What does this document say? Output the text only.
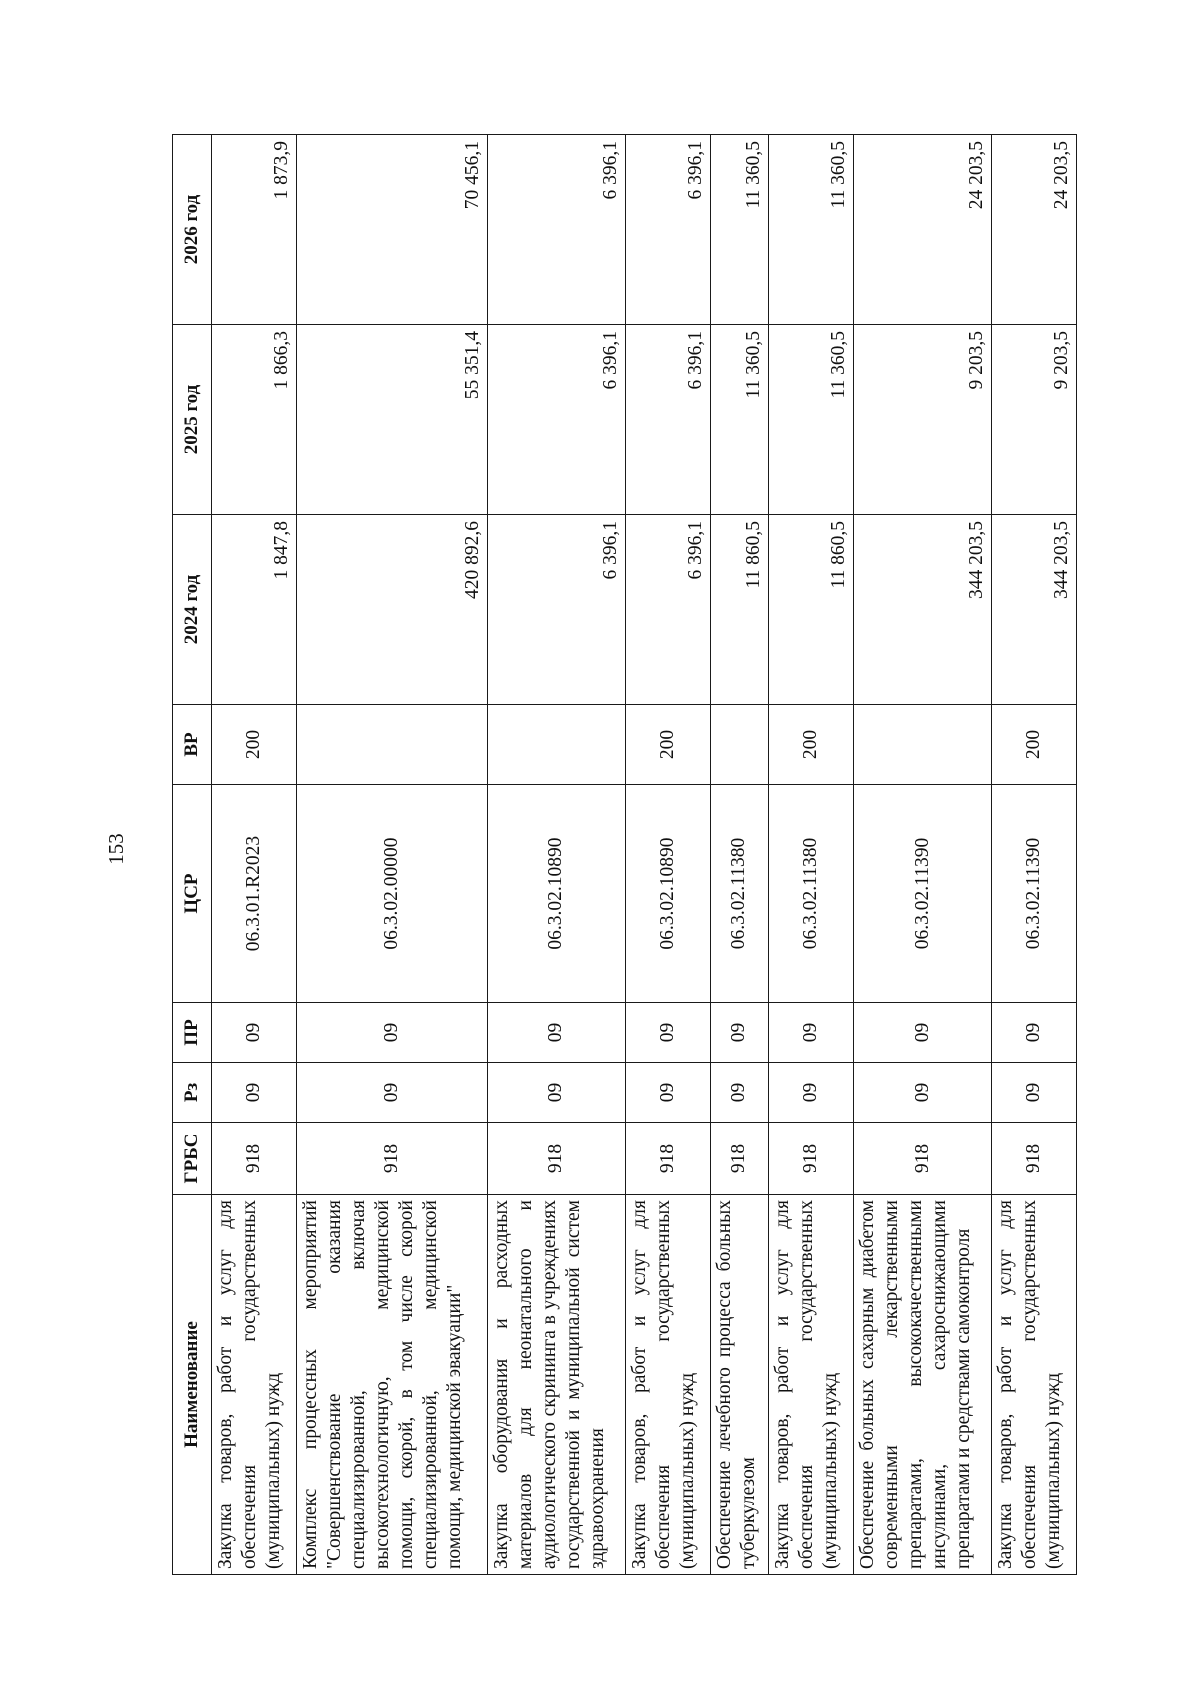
153
Наименование	ГРБС	Рз	ПР	ЦСР	ВР	2024 год	2025 год	2026 год
Закупка товаров, работ и услуг для обеспечения государственных (муниципальных) нужд	918	09	09	06.3.01.R2023	200	1 847,8	1 866,3	1 873,9
Комплекс процессных мероприятий "Совершенствование оказания специализированной, включая высокотехнологичную, медицинской помощи, скорой, в том числе скорой специализированной, медицинской помощи, медицинской эвакуации"	918	09	09	06.3.02.00000		420 892,6	55 351,4	70 456,1
Закупка оборудования и расходных материалов для неонатального и аудиологического скрининга в учреждениях государственной и муниципальной систем здравоохранения	918	09	09	06.3.02.10890		6 396,1	6 396,1	6 396,1
Закупка товаров, работ и услуг для обеспечения государственных (муниципальных) нужд	918	09	09	06.3.02.10890	200	6 396,1	6 396,1	6 396,1
Обеспечение лечебного процесса больных туберкулезом	918	09	09	06.3.02.11380		11 860,5	11 360,5	11 360,5
Закупка товаров, работ и услуг для обеспечения государственных (муниципальных) нужд	918	09	09	06.3.02.11380	200	11 860,5	11 360,5	11 360,5
Обеспечение больных сахарным диабетом современными лекарственными препаратами, высококачественными инсулинами, сахароснижающими препаратами и средствами самоконтроля	918	09	09	06.3.02.11390		344 203,5	9 203,5	24 203,5
Закупка товаров, работ и услуг для обеспечения государственных (муниципальных) нужд	918	09	09	06.3.02.11390	200	344 203,5	9 203,5	24 203,5
